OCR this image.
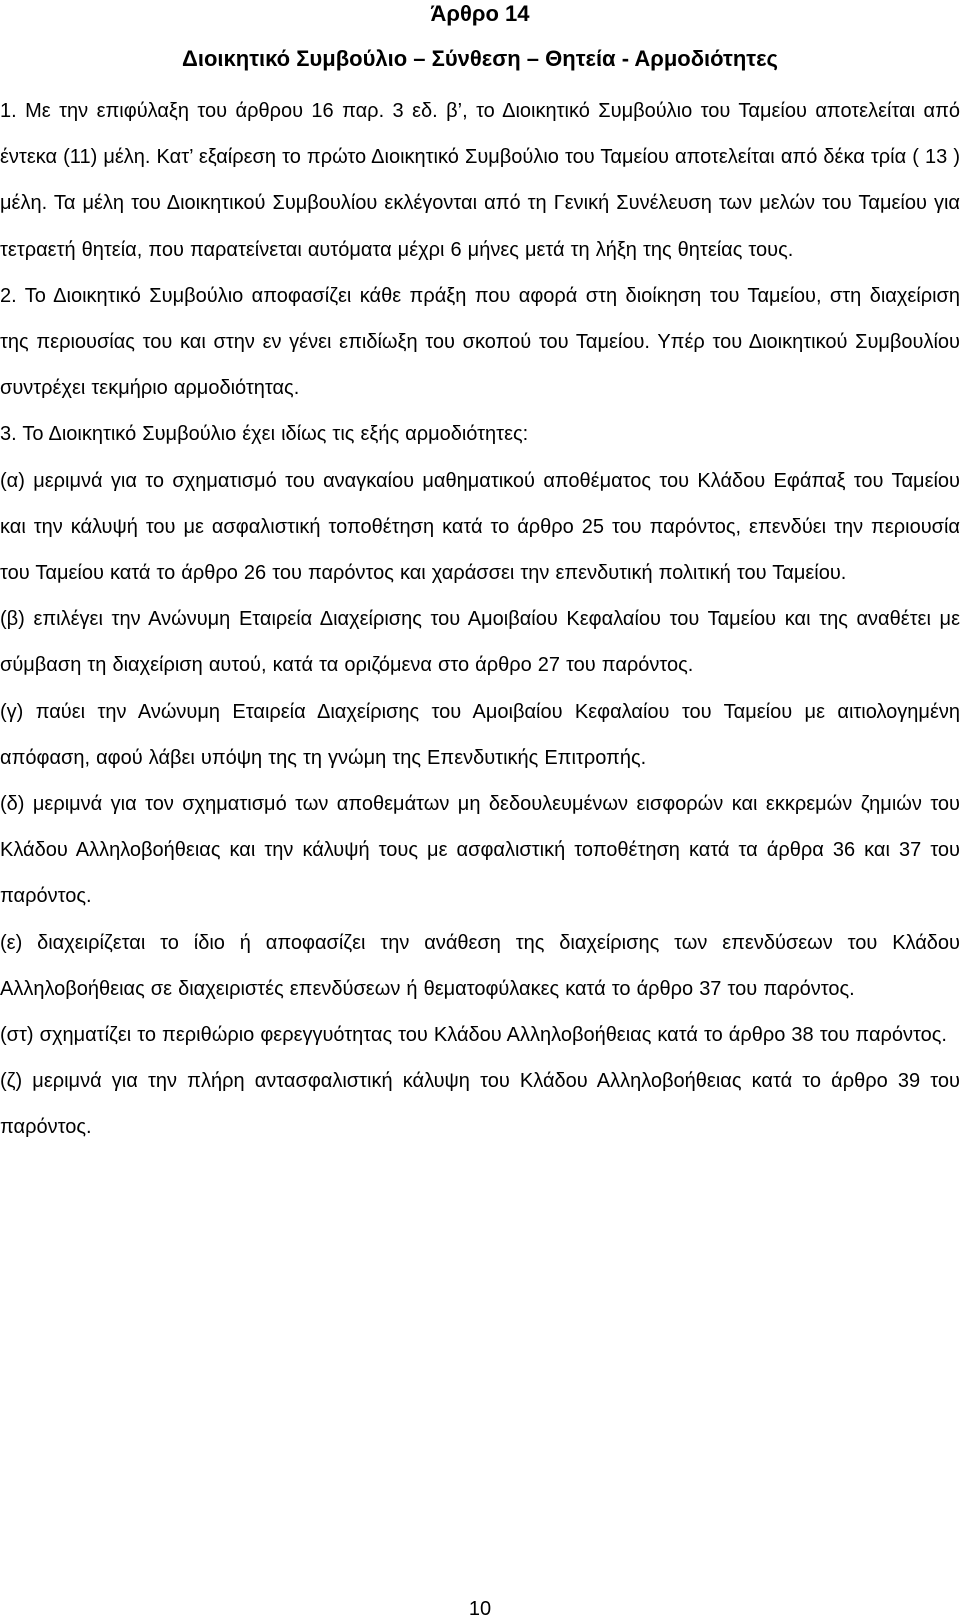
Άρθρο 14
Διοικητικό Συμβούλιο – Σύνθεση – Θητεία - Αρμοδιότητες

1. Με την επιφύλαξη του άρθρου 16 παρ. 3 εδ. β’, το Διοικητικό Συμβούλιο του Ταμείου αποτελείται από έντεκα (11) μέλη. Κατ’ εξαίρεση το πρώτο Διοικητικό Συμβούλιο του Ταμείου αποτελείται από δέκα τρία ( 13 ) μέλη. Τα μέλη του Διοικητικού Συμβουλίου εκλέγονται από τη Γενική Συνέλευση των μελών του Ταμείου για τετραετή θητεία, που παρατείνεται αυτόματα μέχρι 6 μήνες μετά τη λήξη της θητείας τους.

2. Το Διοικητικό Συμβούλιο αποφασίζει κάθε πράξη που αφορά στη διοίκηση του Ταμείου, στη διαχείριση της περιουσίας του και στην εν γένει επιδίωξη του σκοπού του Ταμείου. Υπέρ του Διοικητικού Συμβουλίου συντρέχει τεκμήριο αρμοδιότητας.

3. Το Διοικητικό Συμβούλιο έχει ιδίως τις εξής αρμοδιότητες:

(α) μεριμνά για το σχηματισμό του αναγκαίου μαθηματικού αποθέματος του Κλάδου Εφάπαξ του Ταμείου και την κάλυψή του με ασφαλιστική τοποθέτηση κατά το άρθρο 25 του παρόντος, επενδύει την περιουσία του Ταμείου κατά το άρθρο 26 του παρόντος και χαράσσει την επενδυτική πολιτική του Ταμείου.

(β) επιλέγει την Ανώνυμη Εταιρεία Διαχείρισης του Αμοιβαίου Κεφαλαίου του Ταμείου και της αναθέτει με σύμβαση τη διαχείριση αυτού, κατά τα οριζόμενα στο άρθρο 27 του παρόντος.

(γ) παύει την Ανώνυμη Εταιρεία Διαχείρισης του Αμοιβαίου Κεφαλαίου του Ταμείου με αιτιολογημένη απόφαση, αφού λάβει υπόψη της τη γνώμη της Επενδυτικής Επιτροπής.

(δ) μεριμνά για τον σχηματισμό των αποθεμάτων μη δεδουλευμένων εισφορών και εκκρεμών ζημιών του Κλάδου Αλληλοβοήθειας και την κάλυψή τους με ασφαλιστική τοποθέτηση κατά τα άρθρα 36 και 37 του παρόντος.

(ε) διαχειρίζεται το ίδιο ή αποφασίζει την ανάθεση της διαχείρισης των επενδύσεων του Κλάδου Αλληλοβοήθειας σε διαχειριστές επενδύσεων ή θεματοφύλακες κατά το άρθρο 37 του παρόντος.

(στ) σχηματίζει το περιθώριο φερεγγυότητας του Κλάδου Αλληλοβοήθειας κατά το άρθρο 38 του παρόντος.

(ζ) μεριμνά για την πλήρη αντασφαλιστική κάλυψη του Κλάδου Αλληλοβοήθειας κατά το άρθρο 39 του παρόντος.

10
